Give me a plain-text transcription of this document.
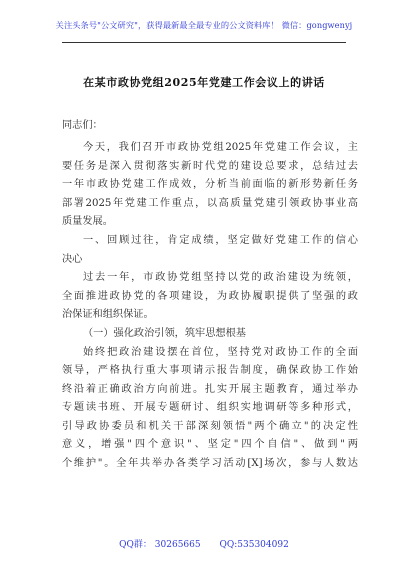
关注头条号"公文研究"，获得最新最全最专业的公文资料库！ 微信：gongwenyj
在某市政协党组2025年党建工作会议上的讲话
同志们：
今天，我们召开市政协党组2025年党建工作会议，主
要任务是深入贯彻落实新时代党的建设总要求，总结过去
一年市政协党建工作成效，分析当前面临的新形势新任务
部署2025年党建工作重点，以高质量党建引领政协事业高
质量发展。
一、回顾过往，肯定成绩，坚定做好党建工作的信心
决心
过去一年，市政协党组坚持以党的政治建设为统领，
全面推进政协党的各项建设，为政协履职提供了坚强的政
治保证和组织保证。
（一）强化政治引领，筑牢思想根基
始终把政治建设摆在首位，坚持党对政协工作的全面
领导，严格执行重大事项请示报告制度，确保政协工作始
终沿着正确政治方向前进。扎实开展主题教育，通过举办
专题读书班、开展专题研讨、组织实地调研等多种形式，
引导政协委员和机关干部深刻领悟"两个确立"的决定性
意义，增强"四个意识"、坚定"四个自信"、做到"两
个维护"。全年共举办各类学习活动[X]场次，参与人数达
QQ群： 30265665 QQ:535304092
